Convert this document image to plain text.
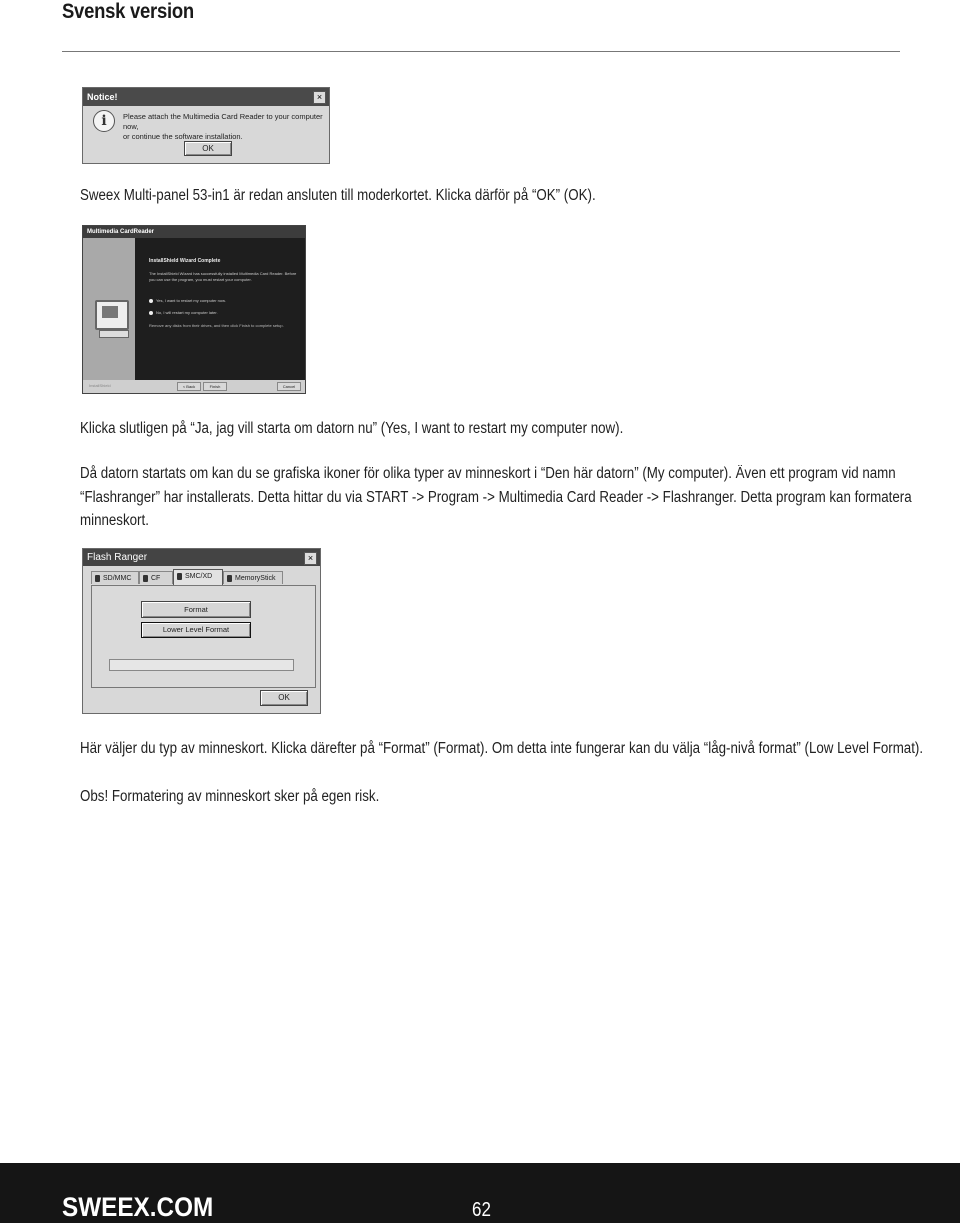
Svensk version
Notice!	×
i	Please attach the Multimedia Card Reader to your computer now,
or continue the software installation.
OK
Sweex Multi-panel 53-in1 är redan ansluten till moderkortet. Klicka därför på “OK” (OK).
Multimedia CardReader
InstallShield Wizard Complete
The InstallShield Wizard has successfully installed Multimedia Card Reader. Before you can use the program, you must restart your computer.
Yes, I want to restart my computer now.
No, I will restart my computer later.
Remove any disks from their drives, and then click Finish to complete setup.
InstallShield	< Back	Finish	Cancel
Klicka slutligen på “Ja, jag vill starta om datorn nu” (Yes, I want to restart my computer now).
Då datorn startats om kan du se grafiska ikoner för olika typer av minneskort i “Den här datorn” (My computer). Även ett program vid namn
“Flashranger” har installerats. Detta hittar du via START -> Program -> Multimedia Card Reader -> Flashranger. Detta program kan formatera
minneskort.
Flash Ranger	×
SD/MMC	CF	SMC/XD	MemoryStick
Format
Lower Level Format
OK
Här väljer du typ av minneskort. Klicka därefter på “Format” (Format). Om detta inte fungerar kan du välja “låg-nivå format” (Low Level Format).
Obs! Formatering av minneskort sker på egen risk.
SWEEX.COM	62
